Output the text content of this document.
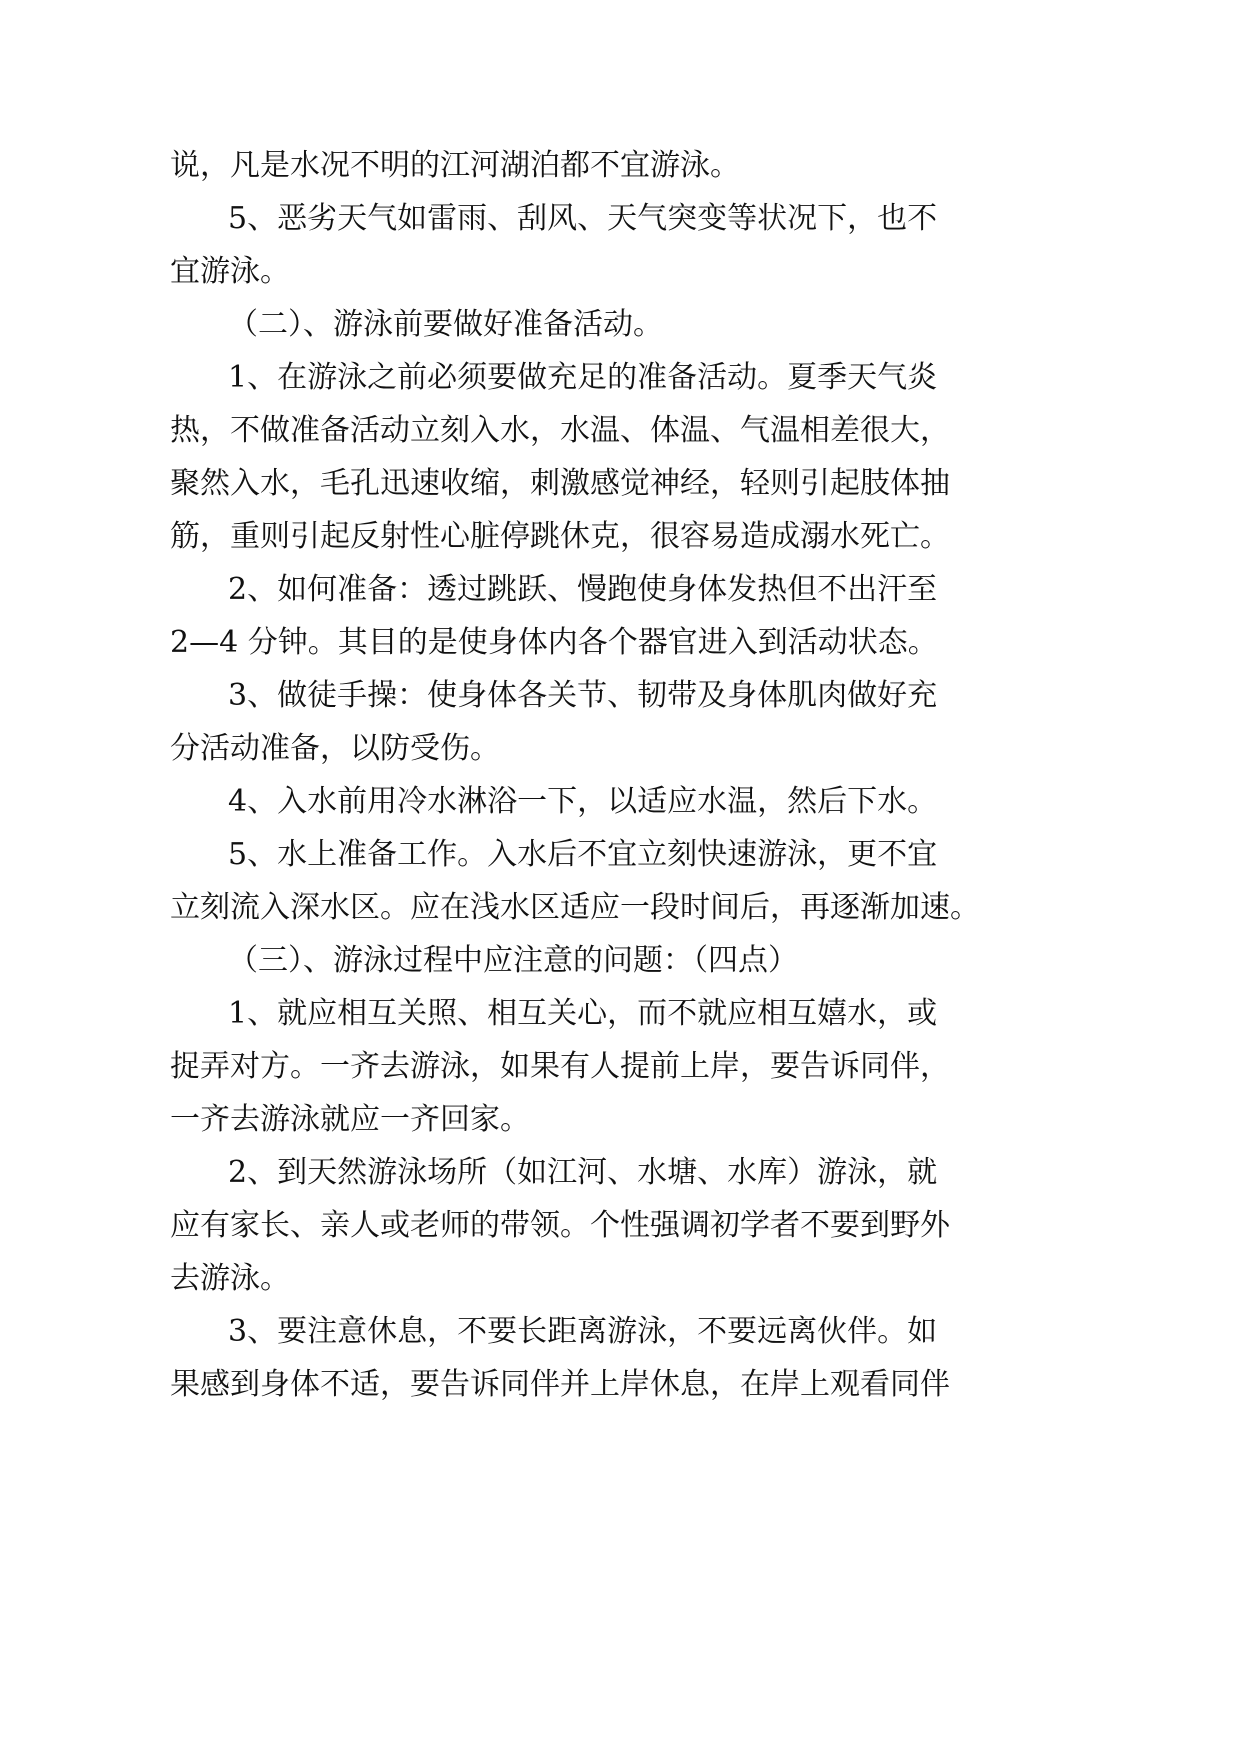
说，凡是水况不明的江河湖泊都不宜游泳。

5、恶劣天气如雷雨、刮风、天气突变等状况下，也不

宜游泳。

（二）、游泳前要做好准备活动。

1、在游泳之前必须要做充足的准备活动。夏季天气炎

热，不做准备活动立刻入水，水温、体温、气温相差很大，

聚然入水，毛孔迅速收缩，刺激感觉神经，轻则引起肢体抽

筋，重则引起反射性心脏停跳休克，很容易造成溺水死亡。

2、如何准备：透过跳跃、慢跑使身体发热但不出汗至

2—4 分钟。其目的是使身体内各个器官进入到活动状态。

3、做徒手操：使身体各关节、韧带及身体肌肉做好充

分活动准备，以防受伤。

4、入水前用冷水淋浴一下，以适应水温，然后下水。

5、水上准备工作。入水后不宜立刻快速游泳，更不宜

立刻流入深水区。应在浅水区适应一段时间后，再逐渐加速。

（三）、游泳过程中应注意的问题：（四点）

1、就应相互关照、相互关心，而不就应相互嬉水，或

捉弄对方。一齐去游泳，如果有人提前上岸，要告诉同伴，

一齐去游泳就应一齐回家。

2、到天然游泳场所（如江河、水塘、水库）游泳，就

应有家长、亲人或老师的带领。个性强调初学者不要到野外

去游泳。

3、要注意休息，不要长距离游泳，不要远离伙伴。如

果感到身体不适，要告诉同伴并上岸休息，在岸上观看同伴
